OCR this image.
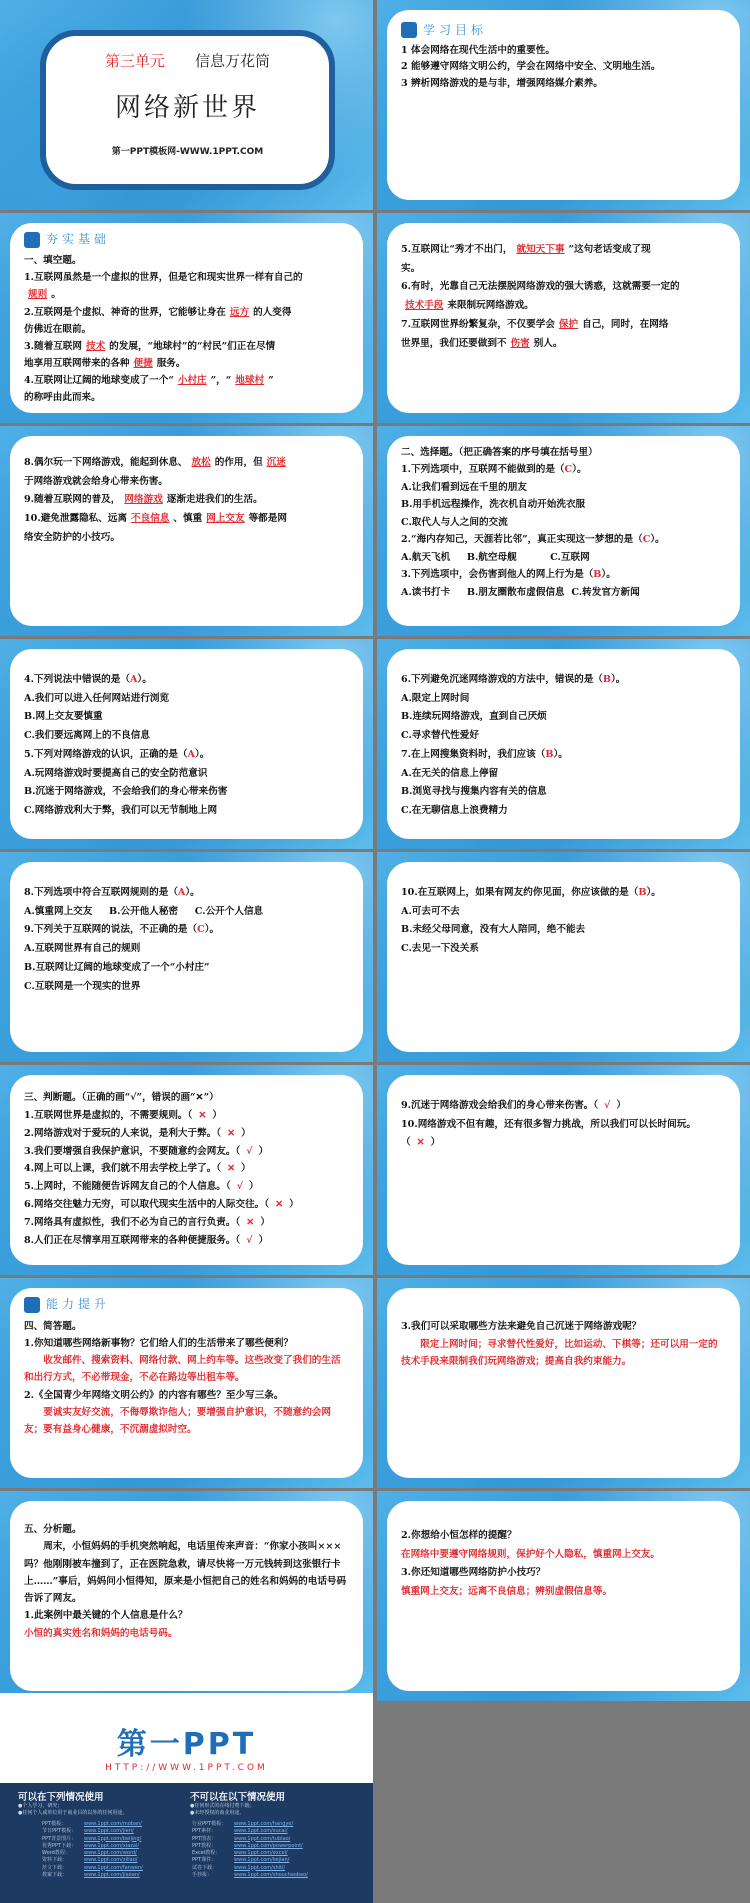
第三单元 信息万花筒
网络新世界
第一PPT模板网-WWW.1PPT.COM
学习目标
1 体会网络在现代生活中的重要性。
2 能够遵守网络文明公约，学会在网络中安全、文明地生活。
3 辨析网络游戏的是与非，增强网络媒介素养。
夯实基础
一、填空题。
1.互联网虽然是一个虚拟的世界，但是它和现实世界一样有自己的
规则 。
2.互联网是个虚拟、神奇的世界，它能够让身在 远方 的人变得
仿佛近在眼前。
3.随着互联网 技术 的发展，“地球村”的“村民”们正在尽情
地享用互联网带来的各种 便捷 服务。
4.互联网让辽阔的地球变成了一个“ 小村庄 ”，“ 地球村 ”
的称呼由此而来。
5.互联网让“秀才不出门， 就知天下事 ”这句老话变成了现
实。
6.有时，光靠自己无法摆脱网络游戏的强大诱惑，这就需要一定的
技术手段 来限制玩网络游戏。
7.互联网世界纷繁复杂，不仅要学会 保护 自己，同时，在网络
世界里，我们还要做到不 伤害 别人。
8.偶尔玩一下网络游戏，能起到休息、 放松 的作用，但 沉迷
于网络游戏就会给身心带来伤害。
9.随着互联网的普及， 网络游戏 逐渐走进我们的生活。
10.避免泄露隐私、远离 不良信息 、慎重 网上交友 等都是网
络安全防护的小技巧。
二、选择题。（把正确答案的序号填在括号里）
1.下列选项中，互联网不能做到的是（C）。
A.让我们看到远在千里的朋友
B.用手机远程操作，洗衣机自动开始洗衣服
C.取代人与人之间的交流
2.“海内存知己，天涯若比邻”，真正实现这一梦想的是（C）。
A.航天飞机     B.航空母舰          C.互联网
3.下列选项中，会伤害到他人的网上行为是（B）。
A.读书打卡     B.朋友圈散布虚假信息  C.转发官方新闻
4.下列说法中错误的是（A）。
A.我们可以进入任何网站进行浏览
B.网上交友要慎重
C.我们要远离网上的不良信息
5.下列对网络游戏的认识，正确的是（A）。
A.玩网络游戏时要提高自己的安全防范意识
B.沉迷于网络游戏，不会给我们的身心带来伤害
C.网络游戏利大于弊，我们可以无节制地上网
6.下列避免沉迷网络游戏的方法中，错误的是（B）。
A.限定上网时间
B.连续玩网络游戏，直到自己厌烦
C.寻求替代性爱好
7.在上网搜集资料时，我们应该（B）。
A.在无关的信息上停留
B.浏览寻找与搜集内容有关的信息
C.在无聊信息上浪费精力
8.下列选项中符合互联网规则的是（A）。
A.慎重网上交友     B.公开他人秘密     C.公开个人信息
9.下列关于互联网的说法，不正确的是（C）。
A.互联网世界有自己的规则
B.互联网让辽阔的地球变成了一个“小村庄”
C.互联网是一个现实的世界
10.在互联网上，如果有网友约你见面，你应该做的是（B）。
A.可去可不去
B.未经父母同意，没有大人陪同，绝不能去
C.去见一下没关系
三、判断题。（正确的画“√”，错误的画“✕”）
1.互联网世界是虚拟的，不需要规则。（ ✕ ）
2.网络游戏对于爱玩的人来说，是利大于弊。（ ✕ ）
3.我们要增强自我保护意识，不要随意约会网友。（ √ ）
4.网上可以上课，我们就不用去学校上学了。（ ✕ ）
5.上网时，不能随便告诉网友自己的个人信息。（ √ ）
6.网络交往魅力无穷，可以取代现实生活中的人际交往。（ ✕ ）
7.网络具有虚拟性，我们不必为自己的言行负责。（ ✕ ）
8.人们正在尽情享用互联网带来的各种便捷服务。（ √ ）
9.沉迷于网络游戏会给我们的身心带来伤害。（ √ ）
10.网络游戏不但有趣，还有很多智力挑战，所以我们可以长时间玩。
（ ✕ ）
能力提升
四、简答题。
1.你知道哪些网络新事物？它们给人们的生活带来了哪些便利？
收发邮件、搜索资料、网络付款、网上约车等。这些改变了我们的生活和出行方式，不必带现金，不必在路边等出租车等。
2.《全国青少年网络文明公约》的内容有哪些？至少写三条。
要诚实友好交流，不侮辱欺诈他人；要增强自护意识，不随意约会网友；要有益身心健康，不沉溺虚拟时空。
3.我们可以采取哪些方法来避免自己沉迷于网络游戏呢？
限定上网时间；寻求替代性爱好，比如运动、下棋等；还可以用一定的技术手段来限制我们玩网络游戏；提高自我约束能力。
五、分析题。
周末，小恒妈妈的手机突然响起，电话里传来声音：“你家小孩叫×××吗？他刚刚被车撞到了，正在医院急救，请尽快将一万元钱转到这张银行卡上……”事后，妈妈问小恒得知，原来是小恒把自己的姓名和妈妈的电话号码告诉了网友。
1.此案例中最关键的个人信息是什么？
小恒的真实姓名和妈妈的电话号码。
2.你想给小恒怎样的提醒？
在网络中要遵守网络规则，保护好个人隐私，慎重网上交友。
3.你还知道哪些网络防护小技巧？
慎重网上交友；远离不良信息；辨别虚假信息等。
第一PPT
HTTP://WWW.1PPT.COM
可以在下列情况使用

●个人学习、研究；

●任何个人或单位用于商业目的以外的任何用途。

不可以在以下情况使用

●任何形式的在线付费下载；

●未经授权的商业用途。

PPT模板：	www.1ppt.com/moban/
节日PPT模板： www.1ppt.com/jieri/
PPT背景图片： www.1ppt.com/beijing/
优秀PPT下载： www.1ppt.com/xiazai/
Word教程：	www.1ppt.com/word/
资料下载：	www.1ppt.com/ziliao/
范文下载：	www.1ppt.com/fanwen/
教案下载：	www.1ppt.com/jiaoan/
行业PPT模板： www.1ppt.com/hangye/
PPT素材：	www.1ppt.com/sucai/
PPT图表：	www.1ppt.com/tubiao/
PPT教程：	www.1ppt.com/powerpoint/
Excel教程：	www.1ppt.com/excel/
PPT课件：	www.1ppt.com/kejian/
试卷下载：	www.1ppt.com/shiti/
手抄报：	www.1ppt.com/shouchaobao/
